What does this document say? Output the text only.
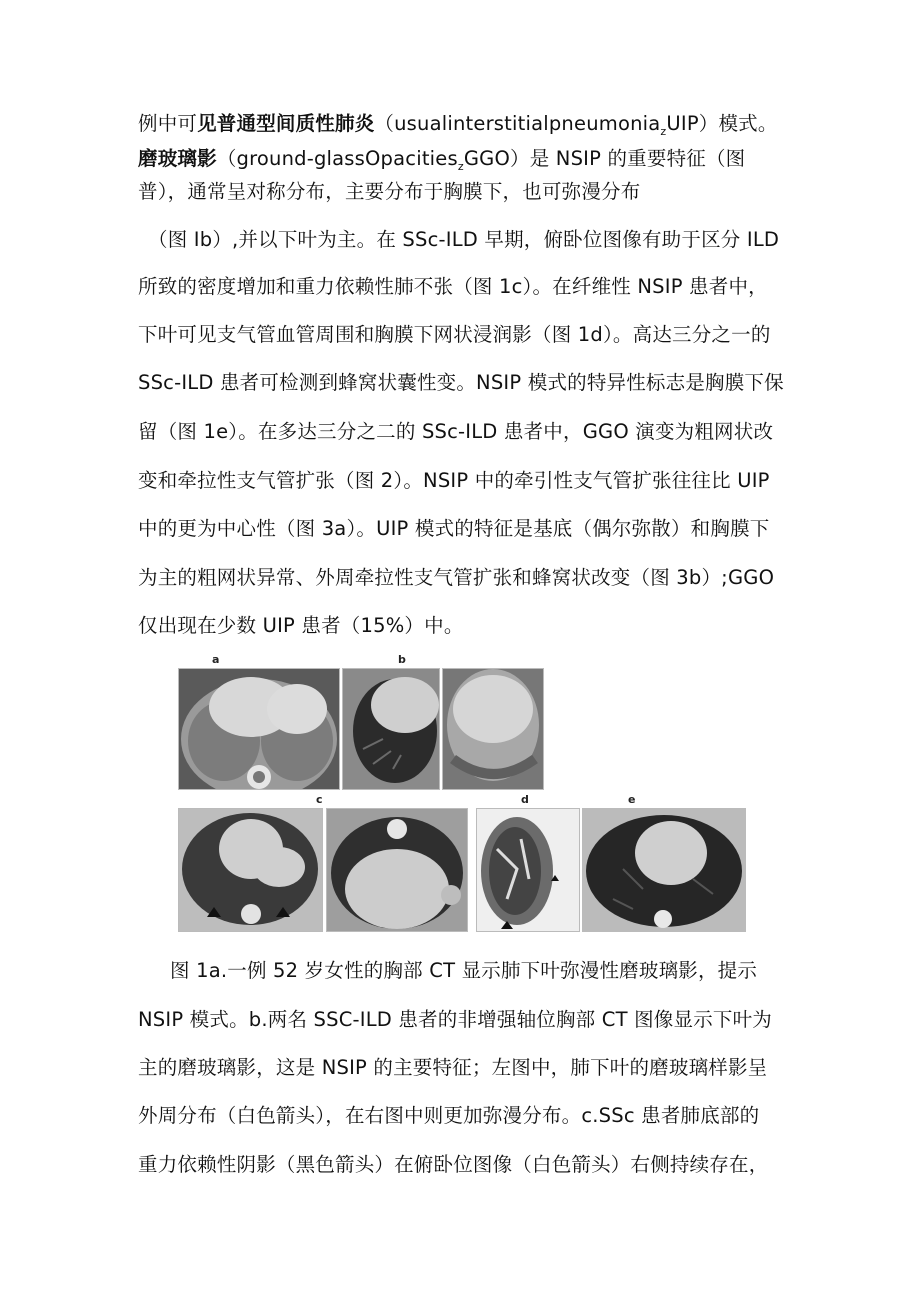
例中可见普通型间质性肺炎（usualinterstitialpneumonia$_z$UIP）模式。
磨玻璃影（ground-glassOpacities$_z$GGO）是 NSIP 的重要特征（图
普），通常呈对称分布，主要分布于胸膜下，也可弥漫分布
（图 Ib）,并以下叶为主。在 SSc-ILD 早期，俯卧位图像有助于区分 ILD
所致的密度增加和重力依赖性肺不张（图 1c）。在纤维性 NSIP 患者中，
下叶可见支气管血管周围和胸膜下网状浸润影（图 1d）。高达三分之一的
SSc-ILD 患者可检测到蜂窝状囊性变。NSIP 模式的特异性标志是胸膜下保
留（图 1e）。在多达三分之二的 SSc-ILD 患者中，GGO 演变为粗网状改
变和牵拉性支气管扩张（图 2）。NSIP 中的牵引性支气管扩张往往比 UIP
中的更为中心性（图 3a）。UIP 模式的特征是基底（偶尔弥散）和胸膜下
为主的粗网状异常、外周牵拉性支气管扩张和蜂窝状改变（图 3b）;GGO
仅出现在少数 UIP 患者（15%）中。
a	b
c	d	e
图 1a.一例 52 岁女性的胸部 CT 显示肺下叶弥漫性磨玻璃影，提示
NSIP 模式。b.两名 SSC-ILD 患者的非增强轴位胸部 CT 图像显示下叶为
主的磨玻璃影，这是 NSIP 的主要特征；左图中，肺下叶的磨玻璃样影呈
外周分布（白色箭头），在右图中则更加弥漫分布。c.SSc 患者肺底部的
重力依赖性阴影（黑色箭头）在俯卧位图像（白色箭头）右侧持续存在，
